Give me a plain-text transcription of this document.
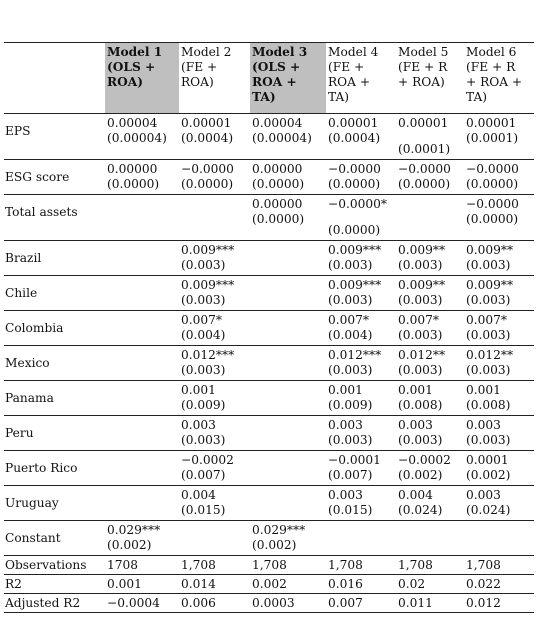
	Model 1
(OLS +
ROA)	Model 2
(FE +
ROA)	Model 3
(OLS +
ROA +
TA)	Model 4
(FE +
ROA +
TA)	Model 5
(FE + R
+ ROA)	Model 6
(FE + R
+ ROA +
TA)

EPS	0.00004
(0.00004)	0.00001
(0.0004)	0.00004
(0.00004)	0.00001
(0.0004)	0.00001
(0.0001)	0.00001
(0.0001)

ESG score	0.00000
(0.0000)	−0.0000
(0.0000)	0.00000
(0.0000)	−0.0000
(0.0000)	−0.0000
(0.0000)	−0.0000
(0.0000)

Total assets			0.00000
(0.0000)	−0.0000*
(0.0000)		−0.0000
(0.0000)

Brazil		0.009***
(0.003)		0.009***
(0.003)	0.009**
(0.003)	0.009**
(0.003)

Chile		0.009***
(0.003)		0.009***
(0.003)	0.009**
(0.003)	0.009**
(0.003)

Colombia		0.007*
(0.004)		0.007*
(0.004)	0.007*
(0.003)	0.007*
(0.003)

Mexico		0.012***
(0.003)		0.012***
(0.003)	0.012**
(0.003)	0.012**
(0.003)

Panama		0.001
(0.009)		0.001
(0.009)	0.001
(0.008)	0.001
(0.008)

Peru		0.003
(0.003)		0.003
(0.003)	0.003
(0.003)	0.003
(0.003)

Puerto Rico		−0.0002
(0.007)		−0.0001
(0.007)	−0.0002
(0.002)	0.0001
(0.002)

Uruguay		0.004
(0.015)		0.003
(0.015)	0.004
(0.024)	0.003
(0.024)

Constant	0.029***
(0.002)		0.029***
(0.002)			

Observations	1708	1,708	1,708	1,708	1,708	1,708

R2	0.001	0.014	0.002	0.016	0.02	0.022

Adjusted R2	−0.0004	0.006	0.0003	0.007	0.011	0.012
